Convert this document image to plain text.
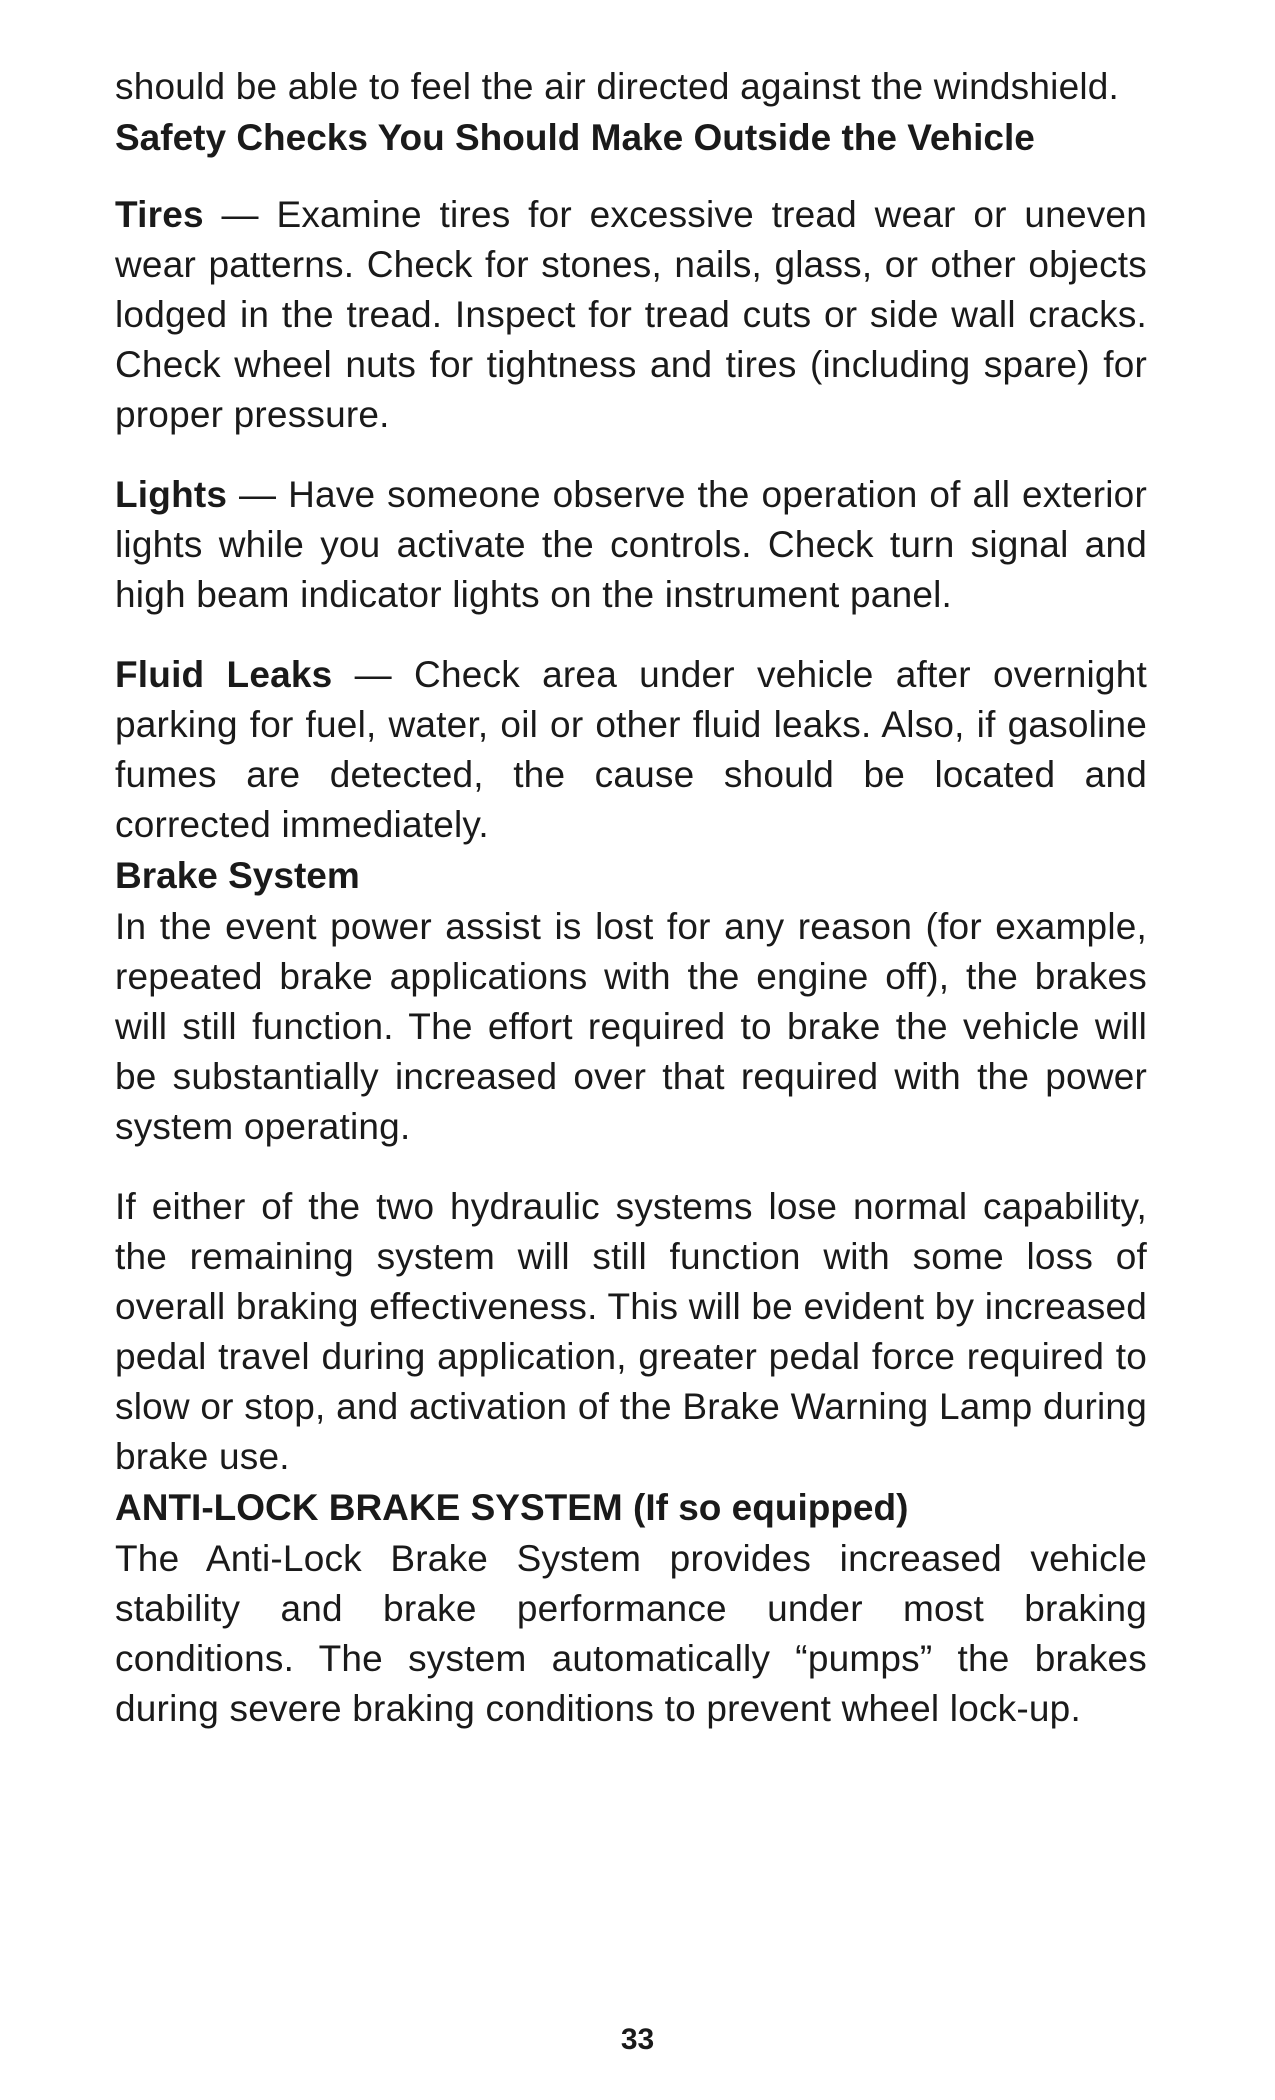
should be able to feel the air directed against the windshield.

Safety Checks You Should Make Outside the Vehicle

Tires — Examine tires for excessive tread wear or uneven wear patterns. Check for stones, nails, glass, or other objects lodged in the tread. Inspect for tread cuts or side wall cracks. Check wheel nuts for tightness and tires (including spare) for proper pressure.

Lights — Have someone observe the operation of all exterior lights while you activate the controls. Check turn signal and high beam indicator lights on the instrument panel.

Fluid Leaks — Check area under vehicle after overnight parking for fuel, water, oil or other fluid leaks. Also, if gasoline fumes are detected, the cause should be located and corrected immediately.

Brake System

In the event power assist is lost for any reason (for example, repeated brake applications with the engine off), the brakes will still function. The effort required to brake the vehicle will be substantially increased over that required with the power system operating.

If either of the two hydraulic systems lose normal capability, the remaining system will still function with some loss of overall braking effectiveness. This will be evident by increased pedal travel during application, greater pedal force required to slow or stop, and activation of the Brake Warning Lamp during brake use.

ANTI-LOCK BRAKE SYSTEM (If so equipped)

The Anti-Lock Brake System provides increased vehicle stability and brake performance under most braking conditions. The system automatically “pumps” the brakes during severe braking conditions to prevent wheel lock-up.

33
